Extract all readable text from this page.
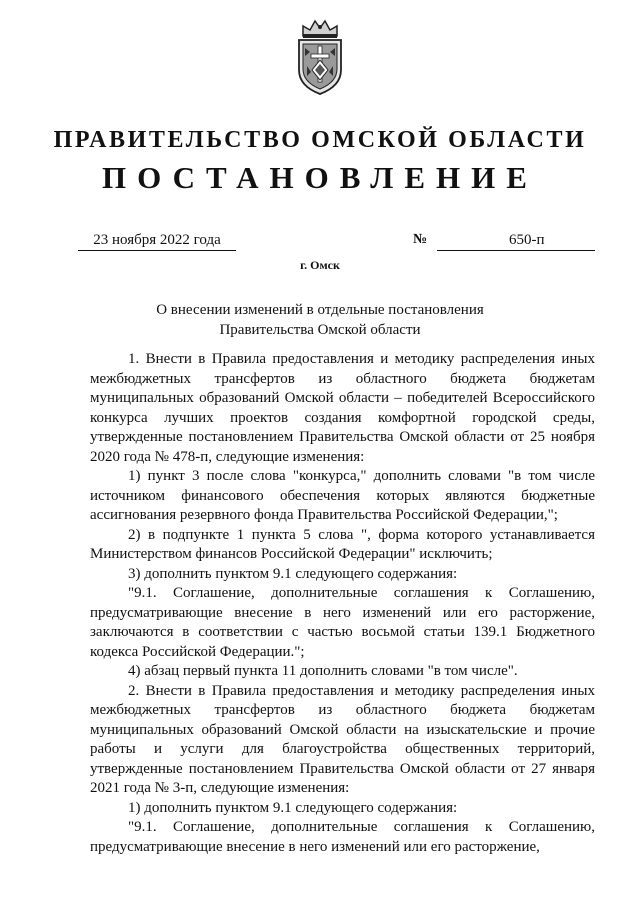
ПРАВИТЕЛЬСТВО ОМСКОЙ ОБЛАСТИ
ПОСТАНОВЛЕНИЕ
23 ноября 2022 года	№	650-п

г. Омск
О внесении изменений в отдельные постановления
Правительства Омской области

1. Внести в Правила предоставления и методику распределения иных межбюджетных трансфертов из областного бюджета бюджетам муниципальных образований Омской области – победителей Всероссийского конкурса лучших проектов создания комфортной городской среды, утвержденные постановлением Правительства Омской области от 25 ноября 2020 года № 478-п, следующие изменения:

1) пункт 3 после слова "конкурса," дополнить словами "в том числе источником финансового обеспечения которых являются бюджетные ассигнования резервного фонда Правительства Российской Федерации,";

2) в подпункте 1 пункта 5 слова ", форма которого устанавливается Министерством финансов Российской Федерации" исключить;

3) дополнить пунктом 9.1 следующего содержания:

"9.1. Соглашение, дополнительные соглашения к Соглашению, предусматривающие внесение в него изменений или его расторжение, заключаются в соответствии с частью восьмой статьи 139.1 Бюджетного кодекса Российской Федерации.";

4) абзац первый пункта 11 дополнить словами "в том числе".

2. Внести в Правила предоставления и методику распределения иных межбюджетных трансфертов из областного бюджета бюджетам муниципальных образований Омской области на изыскательские и прочие работы и услуги для благоустройства общественных территорий, утвержденные постановлением Правительства Омской области от 27 января 2021 года № 3-п, следующие изменения:

1) дополнить пунктом 9.1 следующего содержания:

"9.1. Соглашение, дополнительные соглашения к Соглашению, предусматривающие внесение в него изменений или его расторжение,
